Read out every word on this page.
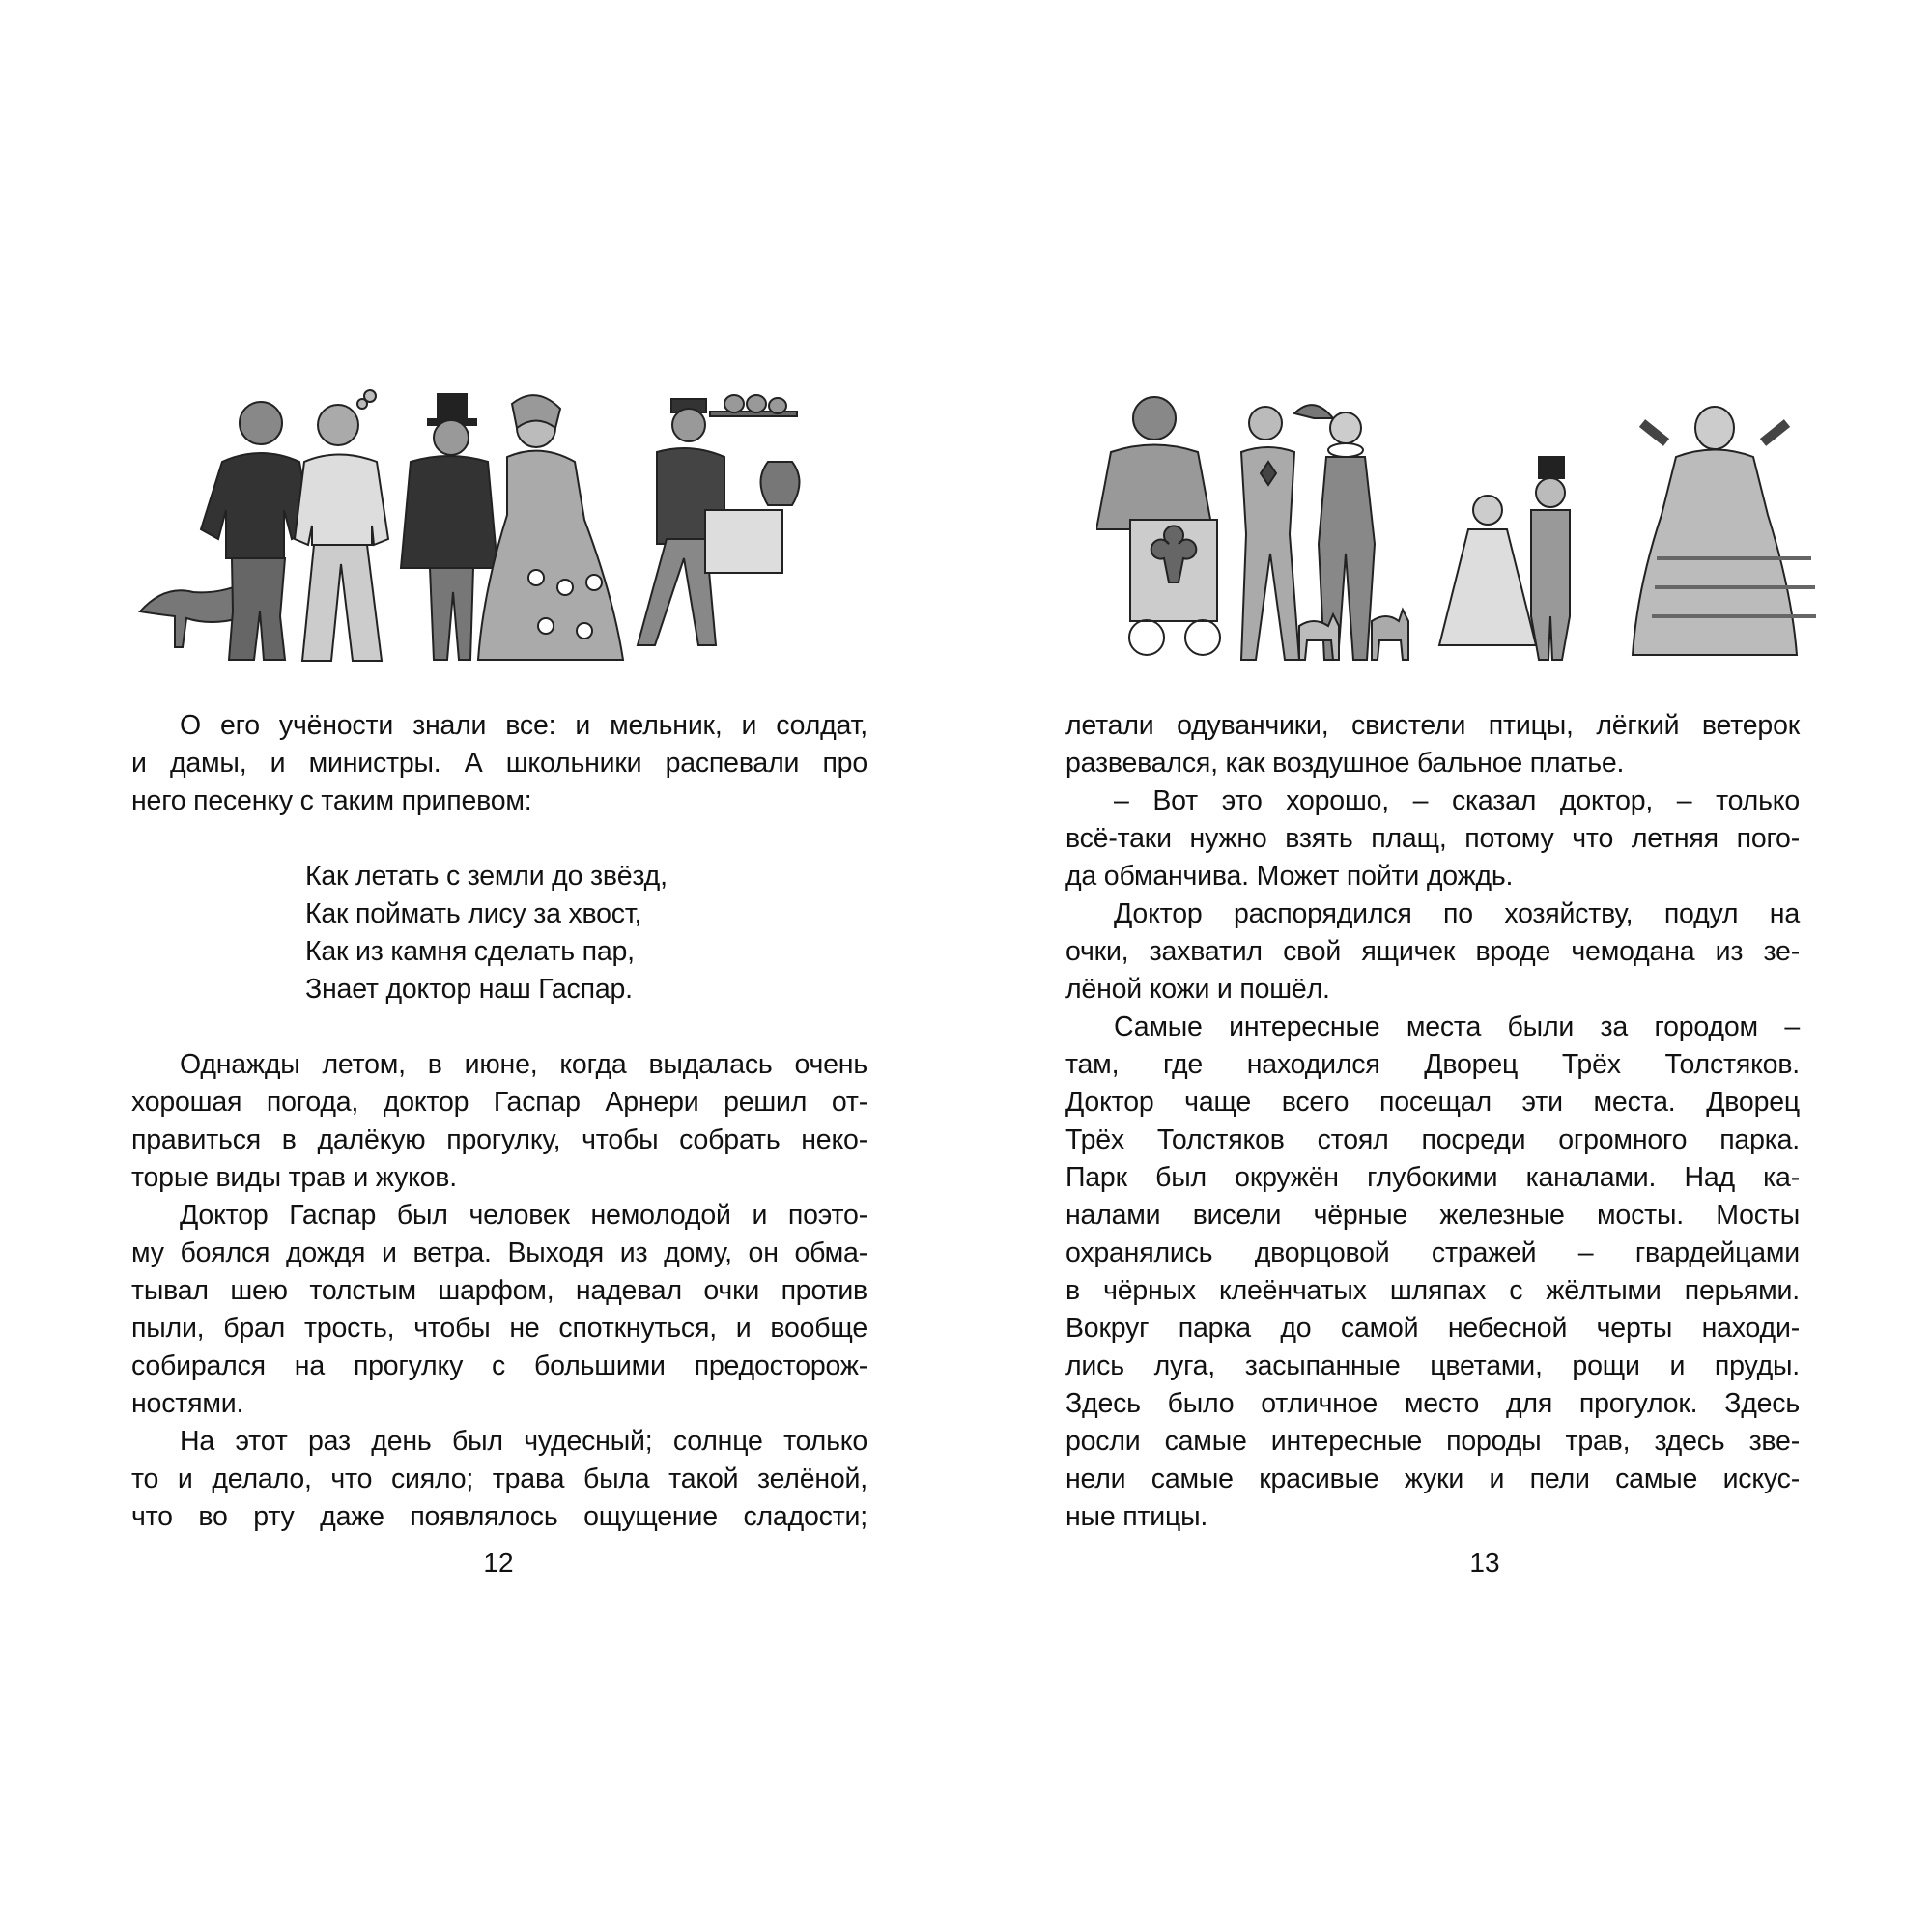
О его учёности знали все: и мельник, и солдат,
и дамы, и министры. А школьники распевали про
него песенку с таким припевом:
Как летать с земли до звёзд,
Как поймать лису за хвост,
Как из камня сделать пар,
Знает доктор наш Гаспар.
Однажды летом, в июне, когда выдалась очень
хорошая погода, доктор Гаспар Арнери решил от-
правиться в далёкую прогулку, чтобы собрать неко-
торые виды трав и жуков.
Доктор Гаспар был человек немолодой и поэто-
му боялся дождя и ветра. Выходя из дому, он обма-
тывал шею толстым шарфом, надевал очки против
пыли, брал трость, чтобы не споткнуться, и вообще
собирался на прогулку с большими предосторож-
ностями.
На этот раз день был чудесный; солнце только
то и делало, что сияло; трава была такой зелёной,
что во рту даже появлялось ощущение сладости;
12
летали одуванчики, свистели птицы, лёгкий ветерок
развевался, как воздушное бальное платье.
– Вот это хорошо, – сказал доктор, – только
всё-таки нужно взять плащ, потому что летняя пого-
да обманчива. Может пойти дождь.
Доктор распорядился по хозяйству, подул на
очки, захватил свой ящичек вроде чемодана из зе-
лёной кожи и пошёл.
Самые интересные места были за городом –
там, где находился Дворец Трёх Толстяков.
Доктор чаще всего посещал эти места. Дворец
Трёх Толстяков стоял посреди огромного парка.
Парк был окружён глубокими каналами. Над ка-
налами висели чёрные железные мосты. Мосты
охранялись дворцовой стражей – гвардейцами
в чёрных клеёнчатых шляпах с жёлтыми перьями.
Вокруг парка до самой небесной черты находи-
лись луга, засыпанные цветами, рощи и пруды.
Здесь было отличное место для прогулок. Здесь
росли самые интересные породы трав, здесь зве-
нели самые красивые жуки и пели самые искус-
ные птицы.
13
